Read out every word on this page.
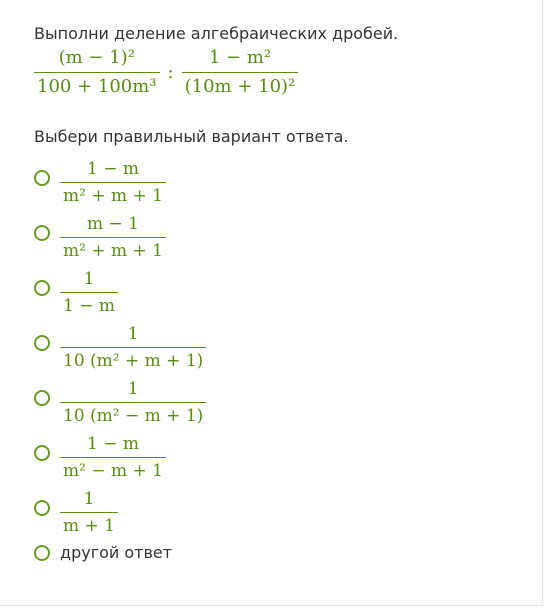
Выполни деление алгебраических дробей.
$\frac{\text{(m − 1)²}}{\text{100 + 100m³}}$ : $\frac{\text{1 − m²}}{\text{(10m + 10)²}}$
Выбери правильный вариант ответа.
$\frac{1 - m}{\text{m² + m + 1}}$
$\frac{m - 1}{\text{m² + m + 1}}$
$\frac{1}{1 - m}$
$\frac{1}{\text{10 (m² + m + 1)}}$
$\frac{1}{\text{10 (m² − m + 1)}}$
$\frac{1 - m}{\text{m² − m + 1}}$
$\frac{1}{m + 1}$
другой ответ
